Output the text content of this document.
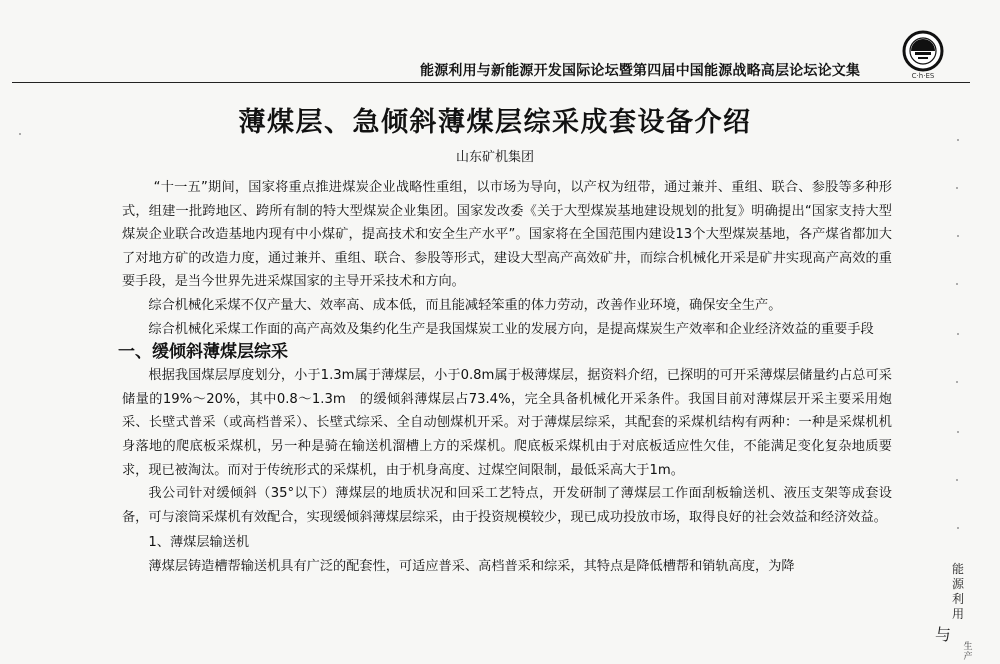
能源利用与新能源开发国际论坛暨第四届中国能源战略高层论坛论文集	C·h·ES
薄煤层、急倾斜薄煤层综采成套设备介绍
山东矿机集团

“十一五”期间，国家将重点推进煤炭企业战略性重组，以市场为导向，以产权为纽带，通过兼并、重组、联合、参股等多种形式，组建一批跨地区、跨所有制的特大型煤炭企业集团。国家发改委《关于大型煤炭基地建设规划的批复》明确提出“国家支持大型煤炭企业联合改造基地内现有中小煤矿，提高技术和安全生产水平”。国家将在全国范围内建设13个大型煤炭基地，各产煤省都加大了对地方矿的改造力度，通过兼并、重组、联合、参股等形式，建设大型高产高效矿井，而综合机械化开采是矿井实现高产高效的重要手段，是当今世界先进采煤国家的主导开采技术和方向。

综合机械化采煤不仅产量大、效率高、成本低，而且能减轻笨重的体力劳动，改善作业环境，确保安全生产。

综合机械化采煤工作面的高产高效及集约化生产是我国煤炭工业的发展方向，是提高煤炭生产效率和企业经济效益的重要手段

一、缓倾斜薄煤层综采

根据我国煤层厚度划分，小于1.3m属于薄煤层，小于0.8m属于极薄煤层，据资料介绍，已探明的可开采薄煤层储量约占总可采储量的19%～20%，其中0.8～1.3m　的缓倾斜薄煤层占73.4%，完全具备机械化开采条件。我国目前对薄煤层开采主要采用炮采、长壁式普采（或高档普采）、长壁式综采、全自动刨煤机开采。对于薄煤层综采，其配套的采煤机结构有两种：一种是采煤机机身落地的爬底板采煤机，另一种是骑在输送机溜槽上方的采煤机。爬底板采煤机由于对底板适应性欠佳，不能满足变化复杂地质要求，现已被淘汰。而对于传统形式的采煤机，由于机身高度、过煤空间限制，最低采高大于1m。

我公司针对缓倾斜（35°以下）薄煤层的地质状况和回采工艺特点，开发研制了薄煤层工作面刮板输送机、液压支架等成套设备，可与滚筒采煤机有效配合，实现缓倾斜薄煤层综采，由于投资规模较少，现已成功投放市场，取得良好的社会效益和经济效益。

1、薄煤层输送机

薄煤层铸造槽帮输送机具有广泛的配套性，可适应普采、高档普采和综采，其特点是降低槽帮和销轨高度，为降	能源利用
与
生产
